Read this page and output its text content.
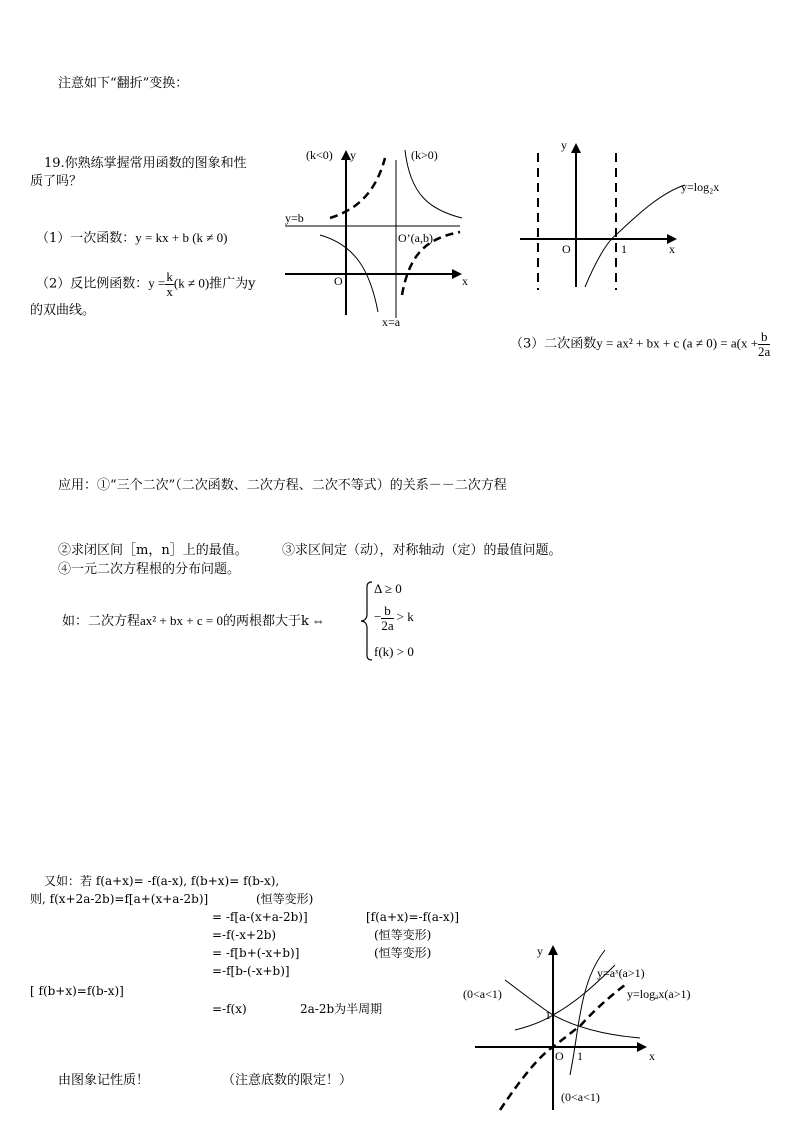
注意如下“翻折”变换：
19.你熟练掌握常用函数的图象和性
质了吗？
（1）一次函数：y = kx + b (k ≠ 0)
（2）反比例函数：$y = \frac{k}{x} (k \ne 0)$推广为y
的双曲线。
（3）二次函数y = ax² + bx + c $(a \ne 0) = a(x + \frac{b}{2a}$
(k<0) y	(k>0)
y=b
O’(a,b)
O	x
x=a
y
y=log₂x
O	1	x
应用：①“三个二次”（二次函数、二次方程、二次不等式）的关系－－二次方程
②求闭区间［m，n］上的最值。	③求区间定（动），对称轴动（定）的最值问题。
④一元二次方程根的分布问题。
如：二次方程ax² + bx + c = 0的两根都大于k ⇔
Δ ≥ 0
− $\frac{b}{2a} > k$
f(k) > 0
又如：若 f(a+x)= -f(a-x), f(b+x)= f(b-x),
则, f(x+2a-2b)=f[a+(x+a-2b)]	(恒等变形)
= -f[a-(x+a-2b)]	[f(a+x)=-f(a-x)]
=-f(-x+2b)	(恒等变形)
= -f[b+(-x+b)]	(恒等变形)
=-f[b-(-x+b)]
[ f(b+x)=f(b-x)]
=-f(x)	2a-2b为半周期
y
y=aˣ(a>1)
(0<a<1)	y=logₐx(a>1)
1
O 1	x
(0<a<1)
由图象记性质！	（注意底数的限定！）
